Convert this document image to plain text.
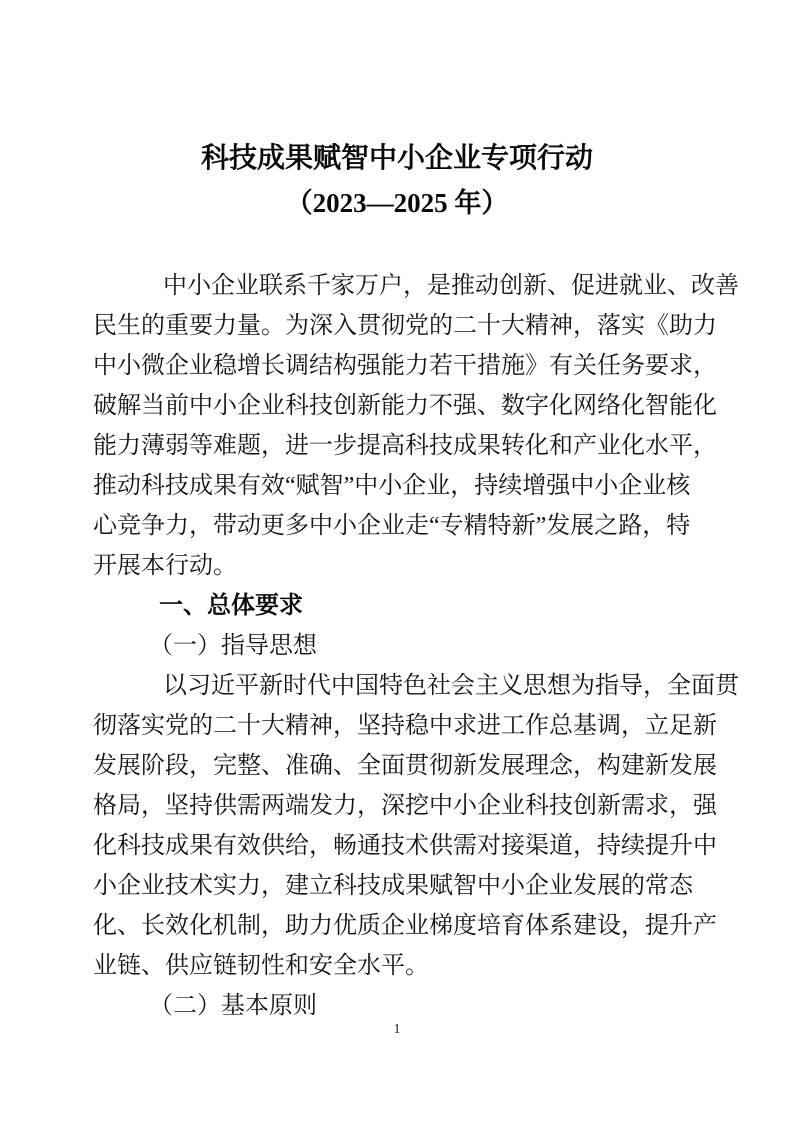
科技成果赋智中小企业专项行动
（2023—2025 年）
中小企业联系千家万户，是推动创新、促进就业、改善
民生的重要力量。为深入贯彻党的二十大精神，落实《助力
中小微企业稳增长调结构强能力若干措施》有关任务要求，
破解当前中小企业科技创新能力不强、数字化网络化智能化
能力薄弱等难题，进一步提高科技成果转化和产业化水平，
推动科技成果有效“赋智”中小企业，持续增强中小企业核
心竞争力，带动更多中小企业走“专精特新”发展之路，特
开展本行动。
一、总体要求
（一）指导思想
以习近平新时代中国特色社会主义思想为指导，全面贯
彻落实党的二十大精神，坚持稳中求进工作总基调，立足新
发展阶段，完整、准确、全面贯彻新发展理念，构建新发展
格局，坚持供需两端发力，深挖中小企业科技创新需求，强
化科技成果有效供给，畅通技术供需对接渠道，持续提升中
小企业技术实力，建立科技成果赋智中小企业发展的常态
化、长效化机制，助力优质企业梯度培育体系建设，提升产
业链、供应链韧性和安全水平。
（二）基本原则
1
